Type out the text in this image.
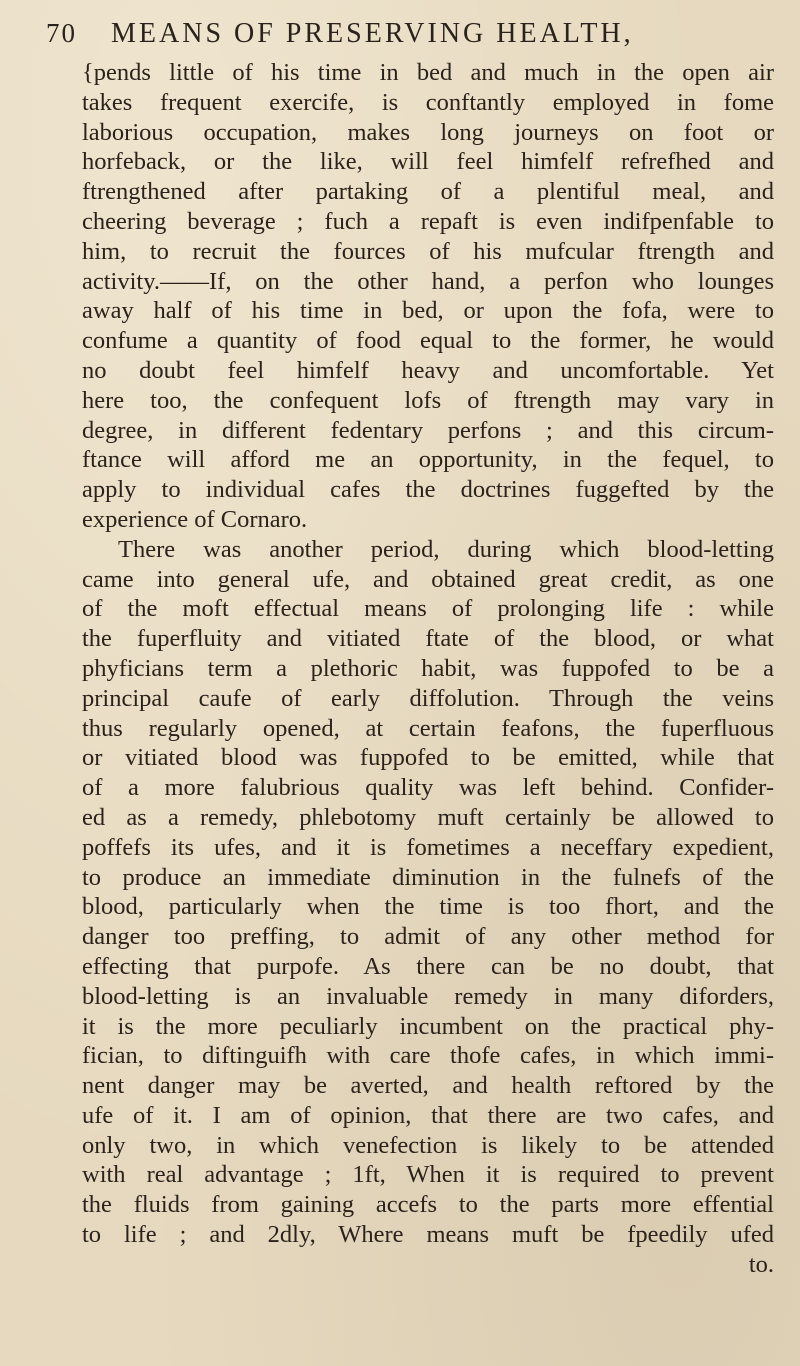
70 MEANS OF PRESERVING HEALTH,
{pends little of his time in bed and much in the open air
takes frequent exercife, is conftantly employed in fome
laborious occupation, makes long journeys on foot or
horfeback, or the like, will feel himfelf refrefhed and
ftrengthened after partaking of a plentiful meal, and
cheering beverage ; fuch a repaft is even indifpenfable to
him, to recruit the fources of his mufcular ftrength and
activity.——If, on the other hand, a perfon who lounges
away half of his time in bed, or upon the fofa, were to
confume a quantity of food equal to the former, he would
no doubt feel himfelf heavy and uncomfortable. Yet
here too, the confequent lofs of ftrength may vary in
degree, in different fedentary perfons ; and this circum-
ftance will afford me an opportunity, in the fequel, to
apply to individual cafes the doctrines fuggefted by the
experience of Cornaro.
There was another period, during which blood-letting
came into general ufe, and obtained great credit, as one
of the moft effectual means of prolonging life : while
the fuperfluity and vitiated ftate of the blood, or what
phyficians term a plethoric habit, was fuppofed to be a
principal caufe of early diffolution. Through the veins
thus regularly opened, at certain feafons, the fuperfluous
or vitiated blood was fuppofed to be emitted, while that
of a more falubrious quality was left behind. Confider-
ed as a remedy, phlebotomy muft certainly be allowed to
poffefs its ufes, and it is fometimes a neceffary expedient,
to produce an immediate diminution in the fulnefs of the
blood, particularly when the time is too fhort, and the
danger too preffing, to admit of any other method for
effecting that purpofe. As there can be no doubt, that
blood-letting is an invaluable remedy in many diforders,
it is the more peculiarly incumbent on the practical phy-
fician, to diftinguifh with care thofe cafes, in which immi-
nent danger may be averted, and health reftored by the
ufe of it. I am of opinion, that there are two cafes, and
only two, in which venefection is likely to be attended
with real advantage ; 1ft, When it is required to prevent
the fluids from gaining accefs to the parts more effential
to life ; and 2dly, Where means muft be fpeedily ufed
to.
